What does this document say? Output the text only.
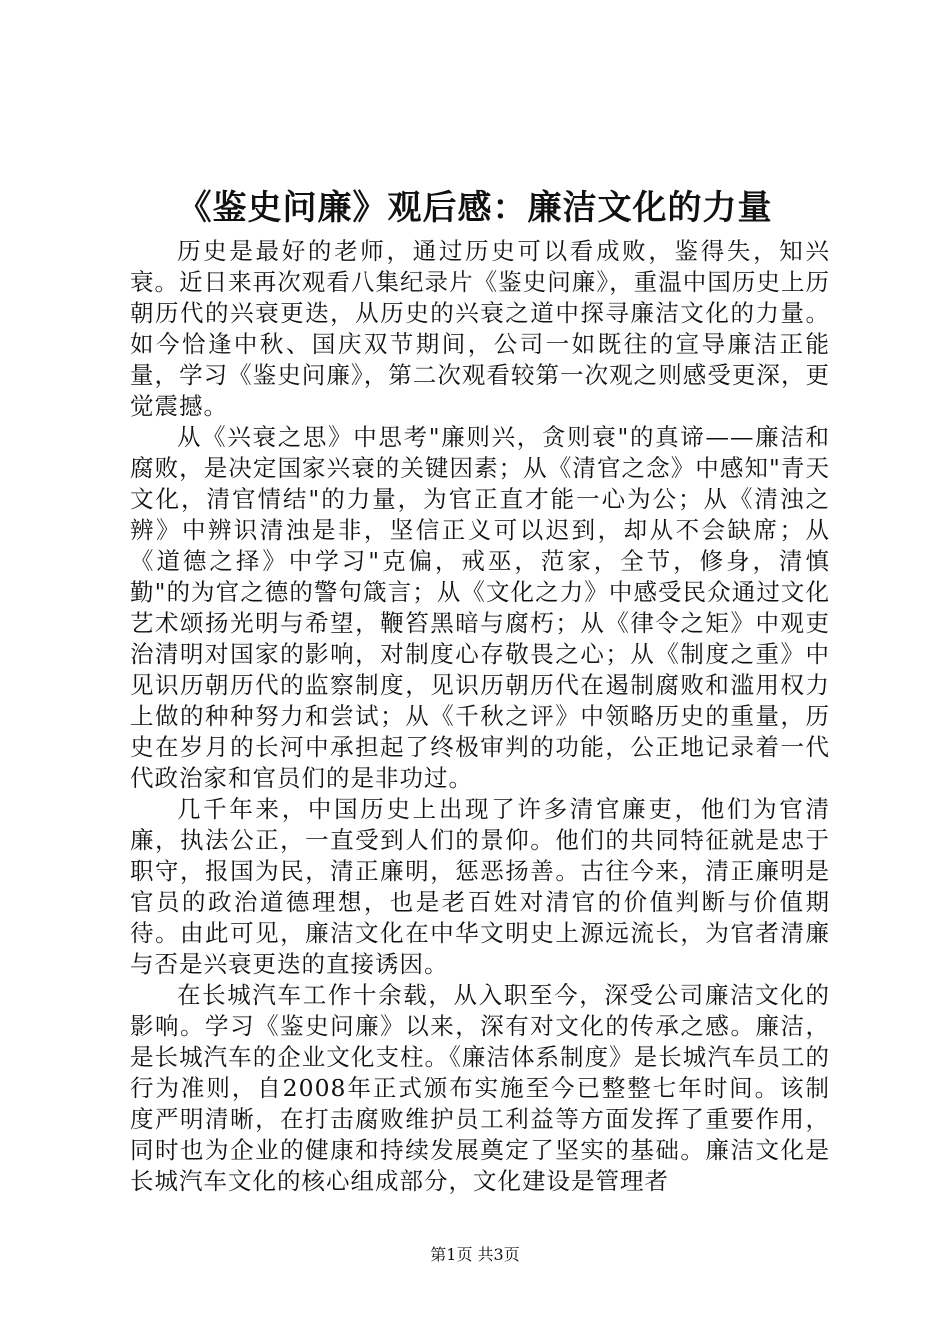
《鉴史问廉》观后感：廉洁文化的力量

历史是最好的老师，通过历史可以看成败，鉴得失，知兴衰。近日来再次观看八集纪录片《鉴史问廉》，重温中国历史上历朝历代的兴衰更迭，从历史的兴衰之道中探寻廉洁文化的力量。如今恰逢中秋、国庆双节期间，公司一如既往的宣导廉洁正能量，学习《鉴史问廉》，第二次观看较第一次观之则感受更深，更觉震撼。

从《兴衰之思》中思考"廉则兴，贪则衰"的真谛——廉洁和腐败，是决定国家兴衰的关键因素；从《清官之念》中感知"青天文化，清官情结"的力量，为官正直才能一心为公；从《清浊之辨》中辨识清浊是非，坚信正义可以迟到，却从不会缺席；从《道德之择》中学习"克偏，戒巫，范家，全节，修身，清慎勤"的为官之德的警句箴言；从《文化之力》中感受民众通过文化艺术颂扬光明与希望，鞭笞黑暗与腐朽；从《律令之矩》中观吏治清明对国家的影响，对制度心存敬畏之心；从《制度之重》中见识历朝历代的监察制度，见识历朝历代在遏制腐败和滥用权力上做的种种努力和尝试；从《千秋之评》中领略历史的重量，历史在岁月的长河中承担起了终极审判的功能，公正地记录着一代代政治家和官员们的是非功过。

几千年来，中国历史上出现了许多清官廉吏，他们为官清廉，执法公正，一直受到人们的景仰。他们的共同特征就是忠于职守，报国为民，清正廉明，惩恶扬善。古往今来，清正廉明是官员的政治道德理想，也是老百姓对清官的价值判断与价值期待。由此可见，廉洁文化在中华文明史上源远流长，为官者清廉与否是兴衰更迭的直接诱因。

在长城汽车工作十余载，从入职至今，深受公司廉洁文化的影响。学习《鉴史问廉》以来，深有对文化的传承之感。廉洁，是长城汽车的企业文化支柱。《廉洁体系制度》是长城汽车员工的行为准则，自2008年正式颁布实施至今已整整七年时间。该制度严明清晰，在打击腐败维护员工利益等方面发挥了重要作用，同时也为企业的健康和持续发展奠定了坚实的基础。廉洁文化是长城汽车文化的核心组成部分，文化建设是管理者

第1页 共3页
